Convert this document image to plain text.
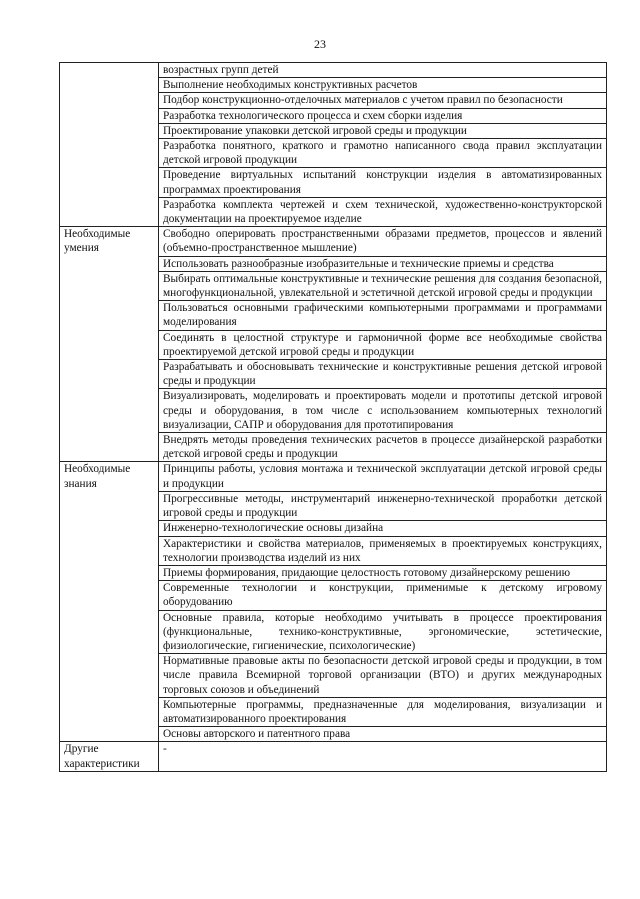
23
	возрастных групп детей
	Выполнение необходимых конструктивных расчетов
	Подбор конструкционно-отделочных материалов с учетом правил по безопасности
	Разработка технологического процесса и схем сборки изделия
	Проектирование упаковки детской игровой среды и продукции
	Разработка понятного, краткого и грамотно написанного свода правил эксплуатации детской игровой продукции
	Проведение виртуальных испытаний конструкции изделия в автоматизированных программах проектирования
	Разработка комплекта чертежей и схем технической, художественно-конструкторской документации на проектируемое изделие
Необходимые умения	Свободно оперировать пространственными образами предметов, процессов и явлений (объемно-пространственное мышление)
	Использовать разнообразные изобразительные и технические приемы и средства
	Выбирать оптимальные конструктивные и технические решения для создания безопасной, многофункциональной, увлекательной и эстетичной детской игровой среды и продукции
	Пользоваться основными графическими компьютерными программами и программами моделирования
	Соединять в целостной структуре и гармоничной форме все необходимые свойства проектируемой детской игровой среды и продукции
	Разрабатывать и обосновывать технические и конструктивные решения детской игровой среды и продукции
	Визуализировать, моделировать и проектировать модели и прототипы детской игровой среды и оборудования, в том числе с использованием компьютерных технологий визуализации, САПР и оборудования для прототипирования
	Внедрять методы проведения технических расчетов в процессе дизайнерской разработки детской игровой среды и продукции
Необходимые знания	Принципы работы, условия монтажа и технической эксплуатации детской игровой среды и продукции
	Прогрессивные методы, инструментарий инженерно-технической проработки детской игровой среды и продукции
	Инженерно-технологические основы дизайна
	Характеристики и свойства материалов, применяемых в проектируемых конструкциях, технологии производства изделий из них
	Приемы формирования, придающие целостность готовому дизайнерскому решению
	Современные технологии и конструкции, применимые к детскому игровому оборудованию
	Основные правила, которые необходимо учитывать в процессе проектирования (функциональные, технико-конструктивные, эргономические, эстетические, физиологические, гигиенические, психологические)
	Нормативные правовые акты по безопасности детской игровой среды и продукции, в том числе правила Всемирной торговой организации (ВТО) и других международных торговых союзов и объединений
	Компьютерные программы, предназначенные для моделирования, визуализации и автоматизированного проектирования
	Основы авторского и патентного права
Другие характеристики	-
